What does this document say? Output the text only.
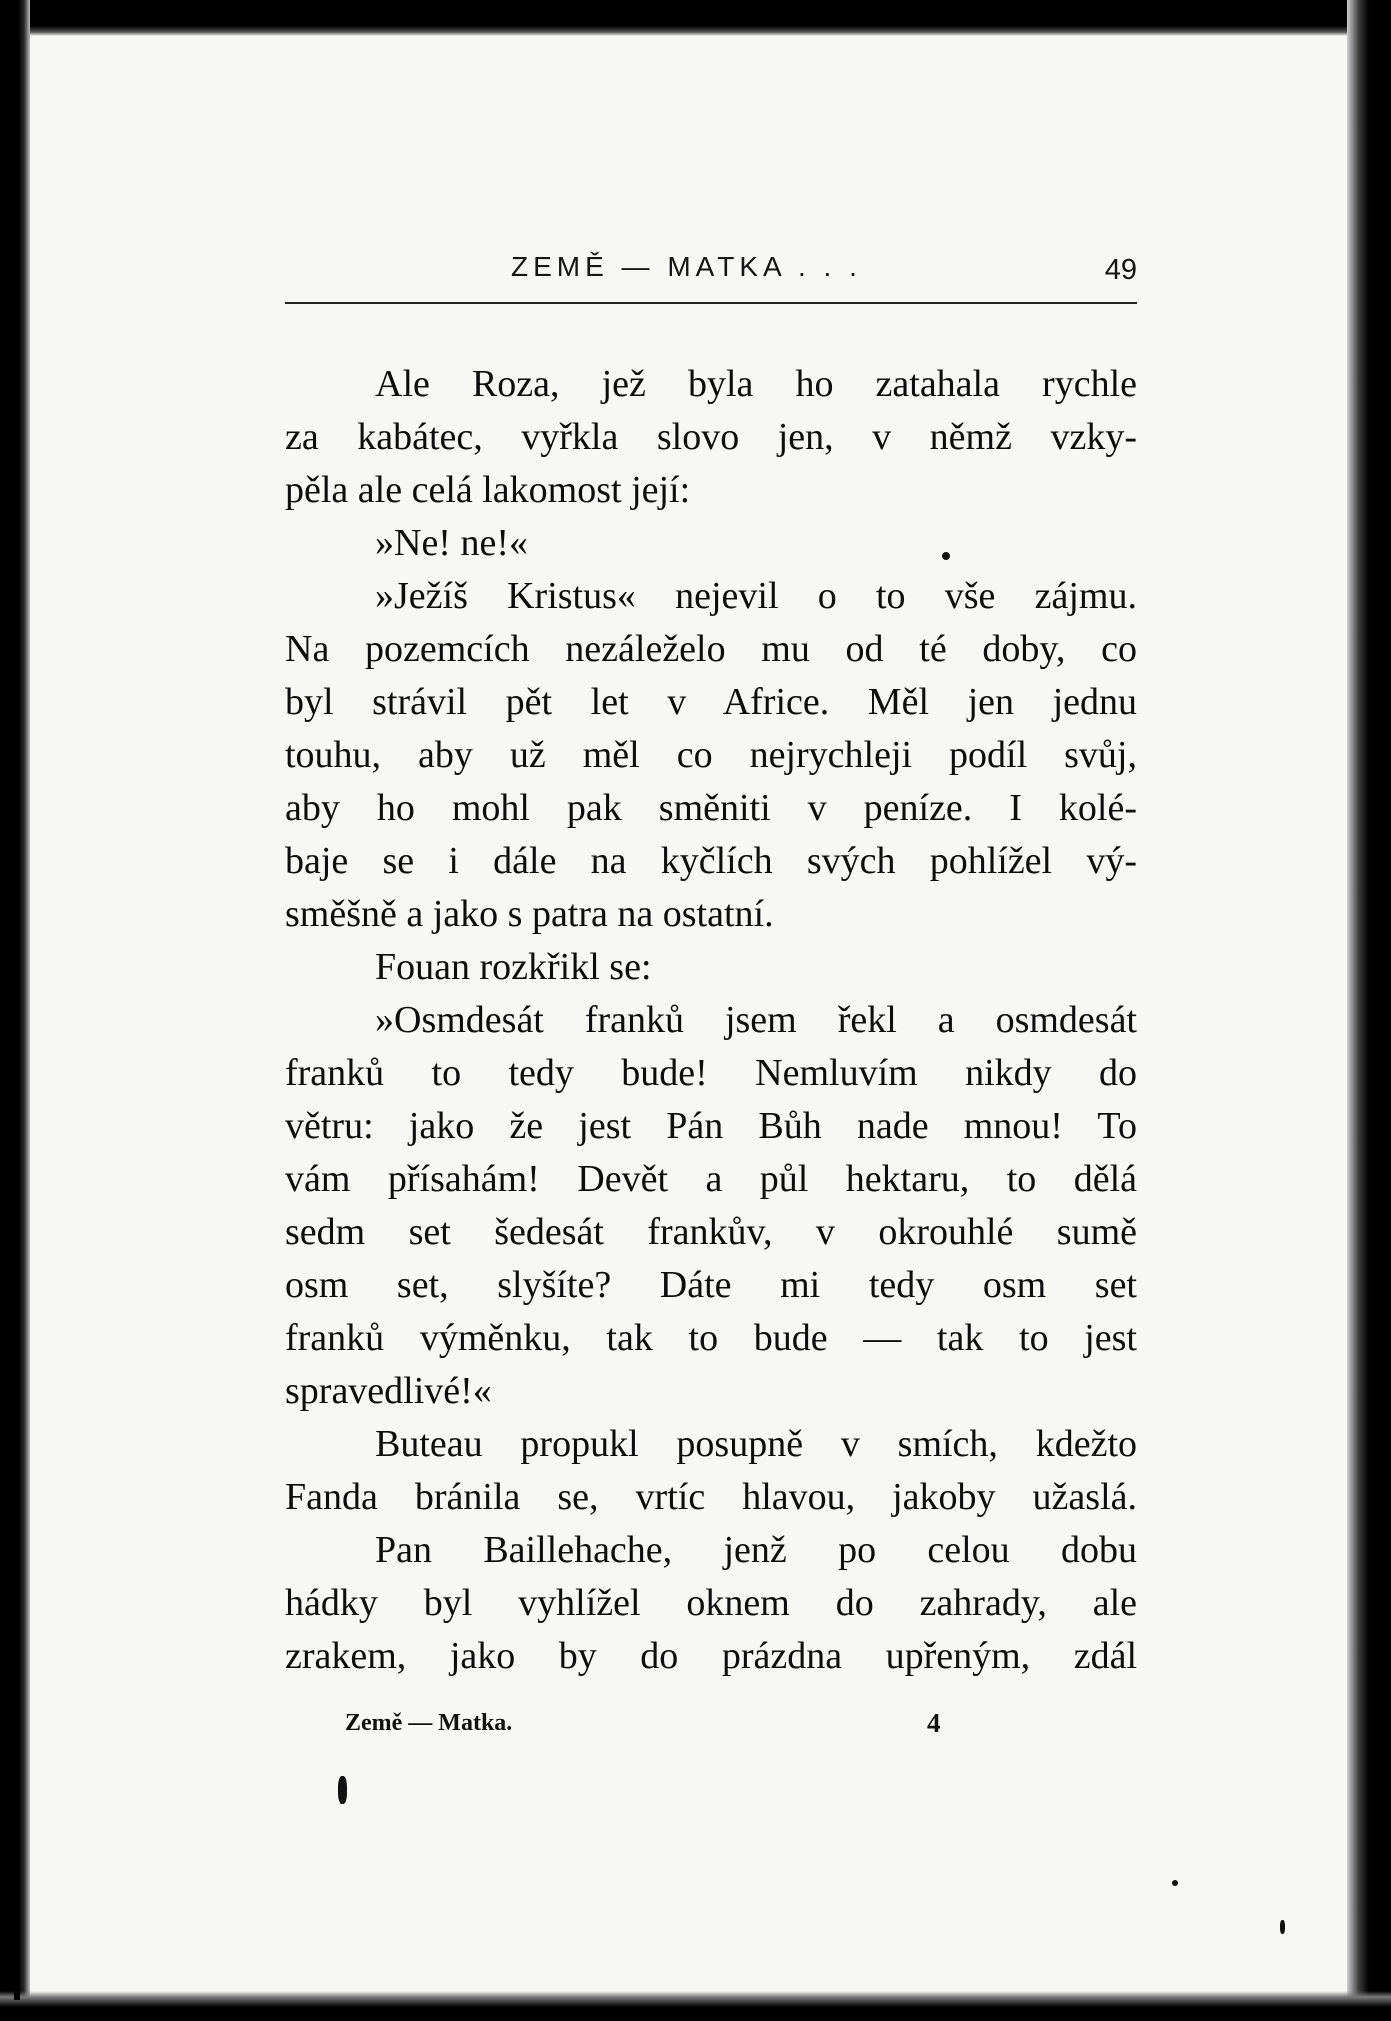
ZEMĚ — MATKA . . .	49
Ale Roza, jež byla ho zatahala rychle
za kabátec, vyřkla slovo jen, v němž vzky-
pěla ale celá lakomost její:
»Ne! ne!«
»Ježíš Kristus« nejevil o to vše zájmu.
Na pozemcích nezáleželo mu od té doby, co
byl strávil pět let v Africe. Měl jen jednu
touhu, aby už měl co nejrychleji podíl svůj,
aby ho mohl pak směniti v peníze. I kolé-
baje se i dále na kyčlích svých pohlížel vý-
směšně a jako s patra na ostatní.
Fouan rozkřikl se:
»Osmdesát franků jsem řekl a osmdesát
franků to tedy bude! Nemluvím nikdy do
větru: jako že jest Pán Bůh nade mnou! To
vám přísahám! Devět a půl hektaru, to dělá
sedm set šedesát frankův, v okrouhlé sumě
osm set, slyšíte? Dáte mi tedy osm set
franků výměnku, tak to bude — tak to jest
spravedlivé!«
Buteau propukl posupně v smích, kdežto
Fanda bránila se, vrtíc hlavou, jakoby užaslá.
Pan Baillehache, jenž po celou dobu
hádky byl vyhlížel oknem do zahrady, ale
zrakem, jako by do prázdna upřeným, zdál
Země — Matka.	4
